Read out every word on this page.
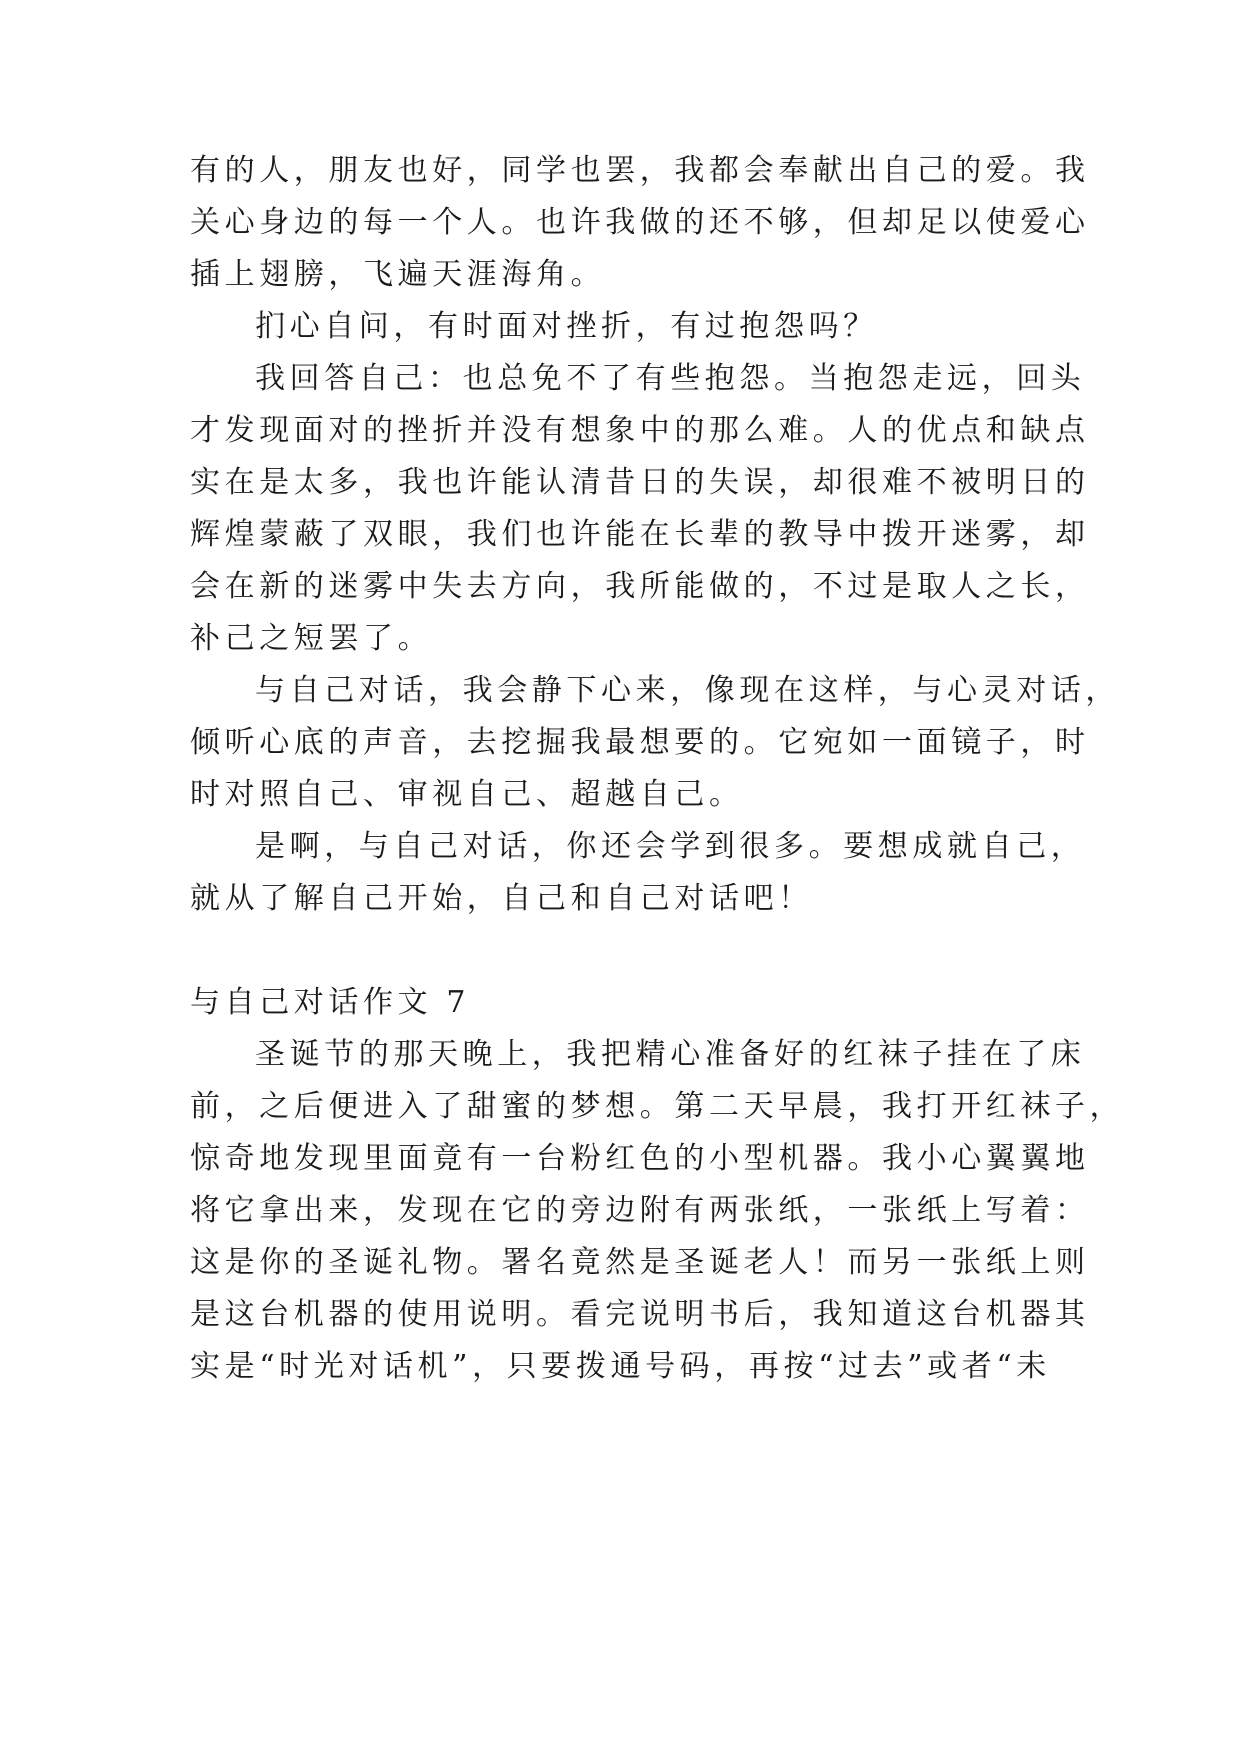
有的人，朋友也好，同学也罢，我都会奉献出自己的爱。我
关心身边的每一个人。也许我做的还不够，但却足以使爱心
插上翅膀，飞遍天涯海角。
扪心自问，有时面对挫折，有过抱怨吗？
我回答自己：也总免不了有些抱怨。当抱怨走远，回头
才发现面对的挫折并没有想象中的那么难。人的优点和缺点
实在是太多，我也许能认清昔日的失误，却很难不被明日的
辉煌蒙蔽了双眼，我们也许能在长辈的教导中拨开迷雾，却
会在新的迷雾中失去方向，我所能做的，不过是取人之长，
补己之短罢了。
与自己对话，我会静下心来，像现在这样，与心灵对话，
倾听心底的声音，去挖掘我最想要的。它宛如一面镜子，时
时对照自己、审视自己、超越自己。
是啊，与自己对话，你还会学到很多。要想成就自己，
就从了解自己开始，自己和自己对话吧！
与自己对话作文 7
圣诞节的那天晚上，我把精心准备好的红袜子挂在了床
前，之后便进入了甜蜜的梦想。第二天早晨，我打开红袜子，
惊奇地发现里面竟有一台粉红色的小型机器。我小心翼翼地
将它拿出来，发现在它的旁边附有两张纸，一张纸上写着：
这是你的圣诞礼物。署名竟然是圣诞老人！而另一张纸上则
是这台机器的使用说明。看完说明书后，我知道这台机器其
实是“时光对话机”，只要拨通号码，再按“过去”或者“未
